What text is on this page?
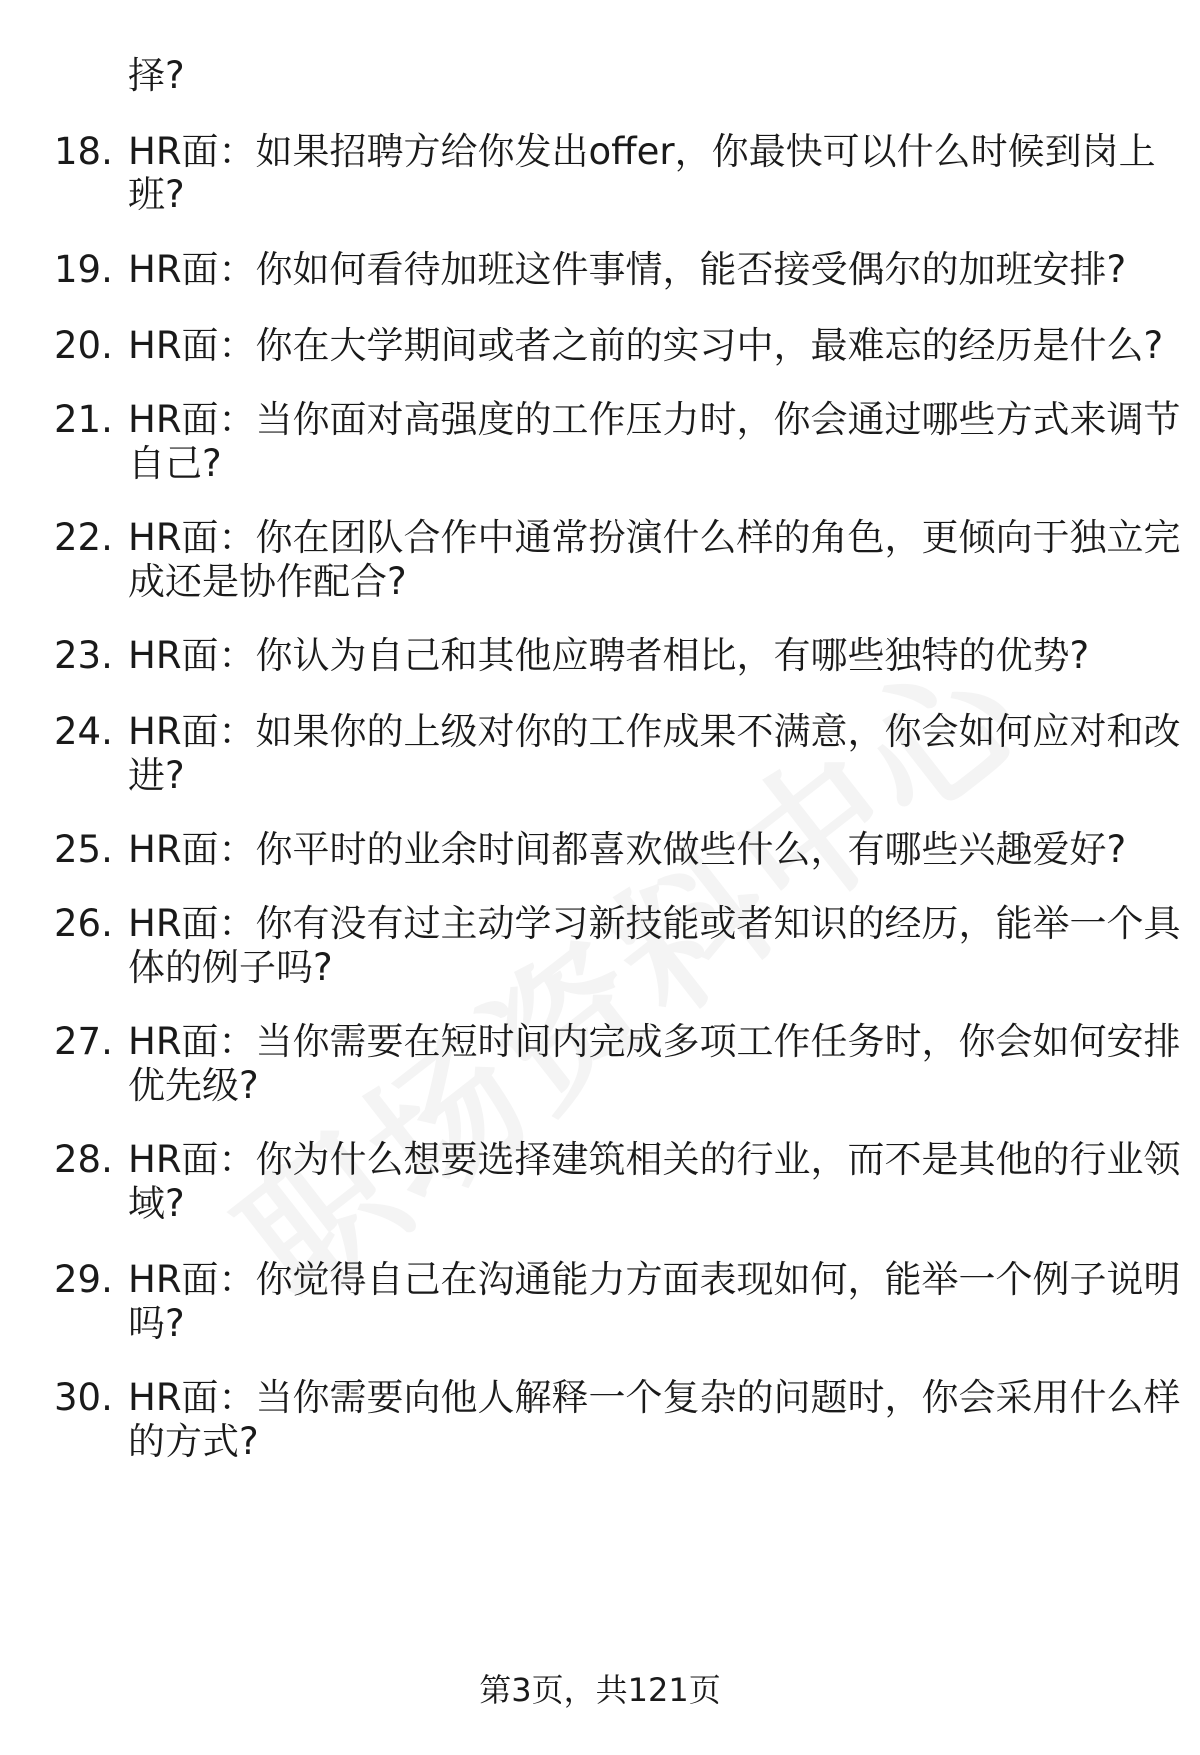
择?
18. HR面：如果招聘方给你发出offer，你最快可以什么时候到岗上
班?
19. HR面：你如何看待加班这件事情，能否接受偶尔的加班安排?
20. HR面：你在大学期间或者之前的实习中，最难忘的经历是什么?
21. HR面：当你面对高强度的工作压力时，你会通过哪些方式来调节
自己?
22. HR面：你在团队合作中通常扮演什么样的角色，更倾向于独立完
成还是协作配合?
23. HR面：你认为自己和其他应聘者相比，有哪些独特的优势?
24. HR面：如果你的上级对你的工作成果不满意，你会如何应对和改
进?
25. HR面：你平时的业余时间都喜欢做些什么，有哪些兴趣爱好?
26. HR面：你有没有过主动学习新技能或者知识的经历，能举一个具
体的例子吗?
27. HR面：当你需要在短时间内完成多项工作任务时，你会如何安排
优先级?
28. HR面：你为什么想要选择建筑相关的行业，而不是其他的行业领
域?
29. HR面：你觉得自己在沟通能力方面表现如何，能举一个例子说明
吗?
30. HR面：当你需要向他人解释一个复杂的问题时，你会采用什么样
的方式?
第3页，共121页
